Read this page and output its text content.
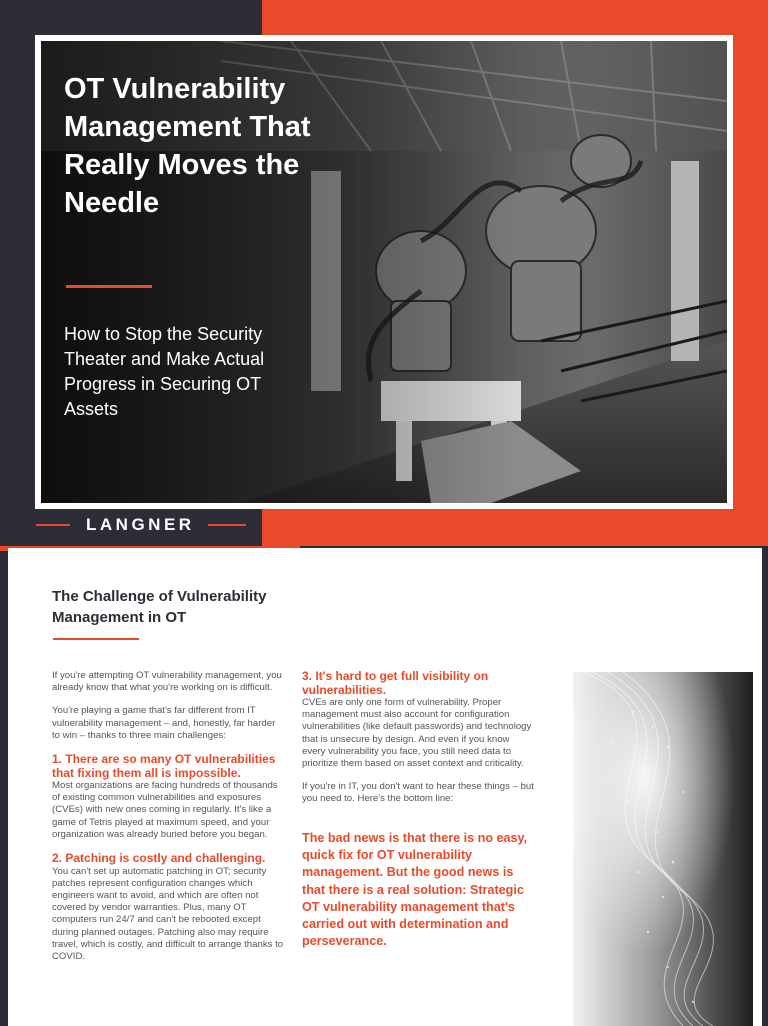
OT Vulnerability Management That Really Moves the Needle

How to Stop the Security Theater and Make Actual Progress in Securing OT Assets

LANGNER
The Challenge of Vulnerability Management in OT

If you're attempting OT vulnerability management, you already know that what you're working on is difficult.

You're playing a game that's far different from IT vulnerability management – and, honestly, far harder to win – thanks to three main challenges:

1. There are so many OT vulnerabilities that fixing them all is impossible.

Most organizations are facing hundreds of thousands of existing common vulnerabilities and exposures (CVEs) with new ones coming in regularly. It's like a game of Tetris played at maximum speed, and your organization was already buried before you began.

2. Patching is costly and challenging.

You can't set up automatic patching in OT; security patches represent configuration changes which engineers want to avoid, and which are often not covered by vendor warranties. Plus, many OT computers run 24/7 and can't be rebooted except during planned outages. Patching also may require travel, which is costly, and difficult to arrange thanks to COVID.

3. It's hard to get full visibility on vulnerabilities.

CVEs are only one form of vulnerability. Proper management must also account for configuration vulnerabilities (like default passwords) and technology that is unsecure by design. And even if you know every vulnerability you face, you still need data to prioritize them based on asset context and criticality.

If you're in IT, you don't want to hear these things – but you need to. Here's the bottom line:

The bad news is that there is no easy, quick fix for OT vulnerability management. But the good news is that there is a real solution: Strategic OT vulnerability management that's carried out with determination and perseverance.
